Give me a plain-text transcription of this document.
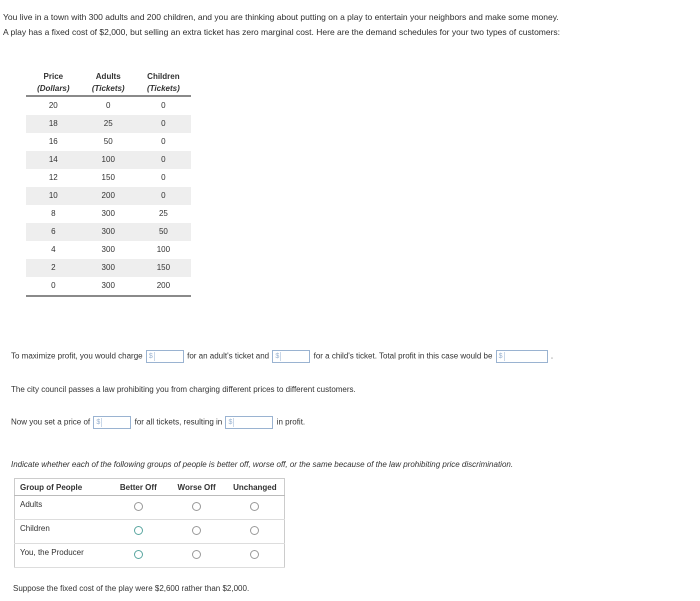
You live in a town with 300 adults and 200 children, and you are thinking about putting on a play to entertain your neighbors and make some money.

A play has a fixed cost of $2,000, but selling an extra ticket has zero marginal cost. Here are the demand schedules for your two types of customers:

Price	Adults	Children
(Dollars)	(Tickets)	(Tickets)

20	0	0
18	25	0
16	50	0
14	100	0
12	150	0
10	200	0
8	300	25
6	300	50
4	300	100
2	300	150
0	300	200

To maximize profit, you would charge $	for an adult's ticket and $	for a child's ticket. Total profit in this case would be $	.
The city council passes a law prohibiting you from charging different prices to different customers.
Now you set a price of $	for all tickets, resulting in $	in profit.
Indicate whether each of the following groups of people is better off, worse off, or the same because of the law prohibiting price discrimination.
Group of People	Better Off	Worse Off	Unchanged
Adults			
Children			
You, the Producer			
Suppose the fixed cost of the play were $2,600 rather than $2,000.
